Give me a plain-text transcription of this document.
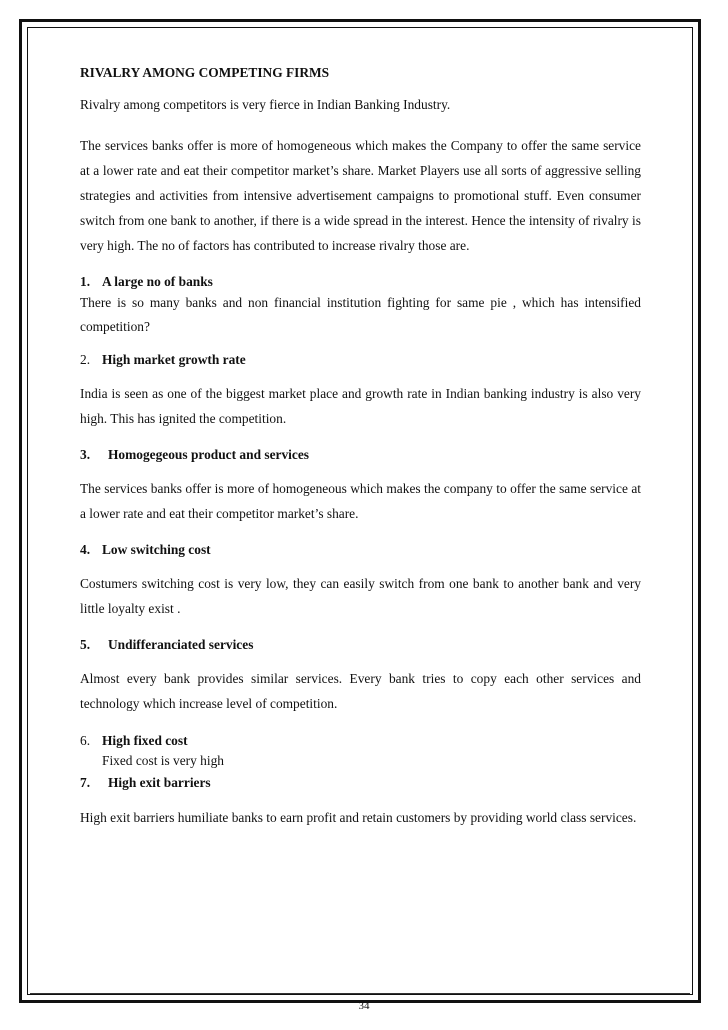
RIVALRY AMONG COMPETING FIRMS

Rivalry among competitors is very fierce in Indian Banking Industry.

The services banks offer is more of homogeneous which makes the Company to offer the same service at a lower rate and eat their competitor market’s share. Market Players use all sorts of aggressive selling strategies and activities from intensive advertisement campaigns to promotional stuff. Even consumer switch from one bank to another, if there is a wide spread in the interest. Hence the intensity of rivalry is very high. The no of factors has contributed to increase rivalry those are.

1. A large no of banks

There is so many banks and non financial institution fighting for same pie , which has intensified competition?

2. High market growth rate

India is seen as one of the biggest market place and growth rate in Indian banking industry is also very high. This has ignited the competition.

3. Homogegeous product and services

The services banks offer is more of homogeneous which makes the company to offer the same service at a lower rate and eat their competitor market’s share.

4. Low switching cost

Costumers switching cost is very low, they can easily switch from one bank to another bank and very little loyalty exist .

5. Undifferanciated services

Almost every bank provides similar services. Every bank tries to copy each other services and technology which increase level of competition.

6. High fixed cost
Fixed cost is very high
7. High exit barriers

High exit barriers humiliate banks to earn profit and retain customers by providing world class services.

34
